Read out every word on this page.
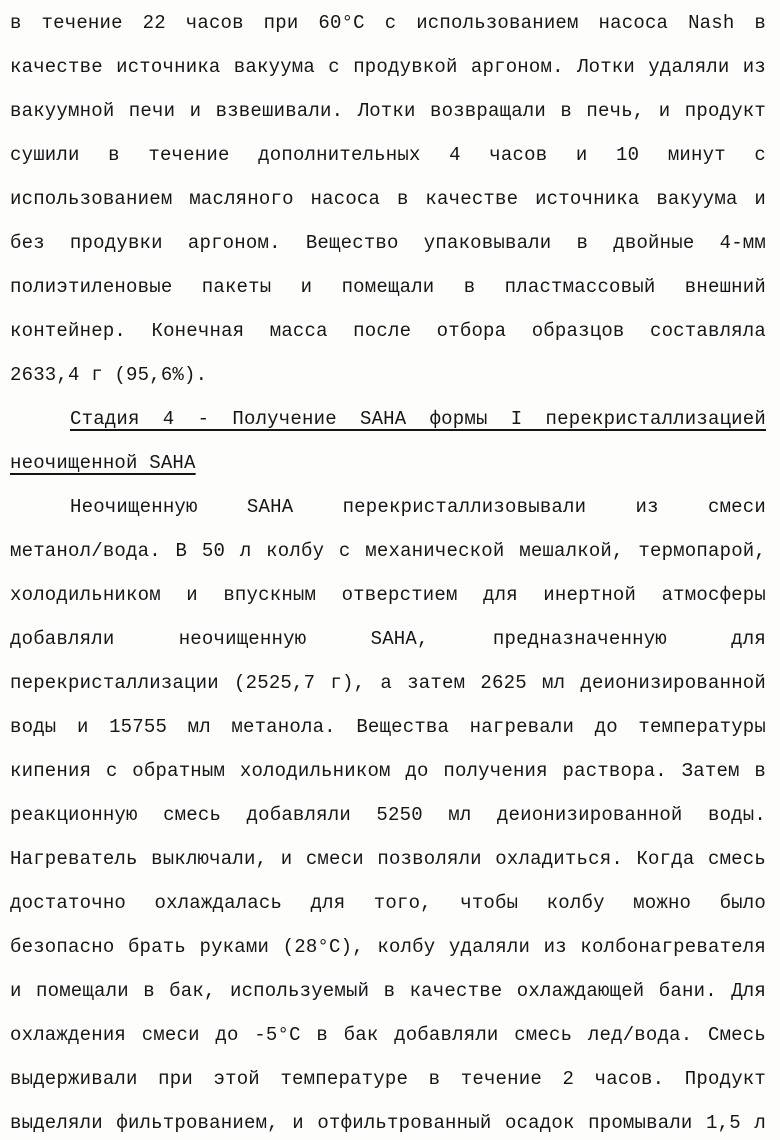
в течение 22 часов при 60°С с использованием насоса Nash в
качестве источника вакуума с продувкой аргоном. Лотки удаляли из
вакуумной печи и взвешивали. Лотки возвращали в печь, и продукт
сушили в течение дополнительных 4 часов и 10 минут с
использованием масляного насоса в качестве источника вакуума и
без продувки аргоном. Вещество упаковывали в двойные 4-мм
полиэтиленовые пакеты и помещали в пластмассовый внешний
контейнер. Конечная масса после отбора образцов составляла
2633,4 г (95,6%).
Стадия 4 - Получение SAHA формы I перекристаллизацией
неочищенной SAHA
Неочищенную SAHA перекристаллизовывали из смеси
метанол/вода. В 50 л колбу с механической мешалкой, термопарой,
холодильником и впускным отверстием для инертной атмосферы
добавляли неочищенную SAHA, предназначенную для
перекристаллизации (2525,7 г), а затем 2625 мл деионизированной
воды и 15755 мл метанола. Вещества нагревали до температуры
кипения с обратным холодильником до получения раствора. Затем в
реакционную смесь добавляли 5250 мл деионизированной воды.
Нагреватель выключали, и смеси позволяли охладиться. Когда смесь
достаточно охлаждалась для того, чтобы колбу можно было
безопасно брать руками (28°С), колбу удаляли из колбонагревателя
и помещали в бак, используемый в качестве охлаждающей бани. Для
охлаждения смеси до -5°С в бак добавляли смесь лед/вода. Смесь
выдерживали при этой температуре в течение 2 часов. Продукт
выделяли фильтрованием, и отфильтрованный осадок промывали 1,5 л
